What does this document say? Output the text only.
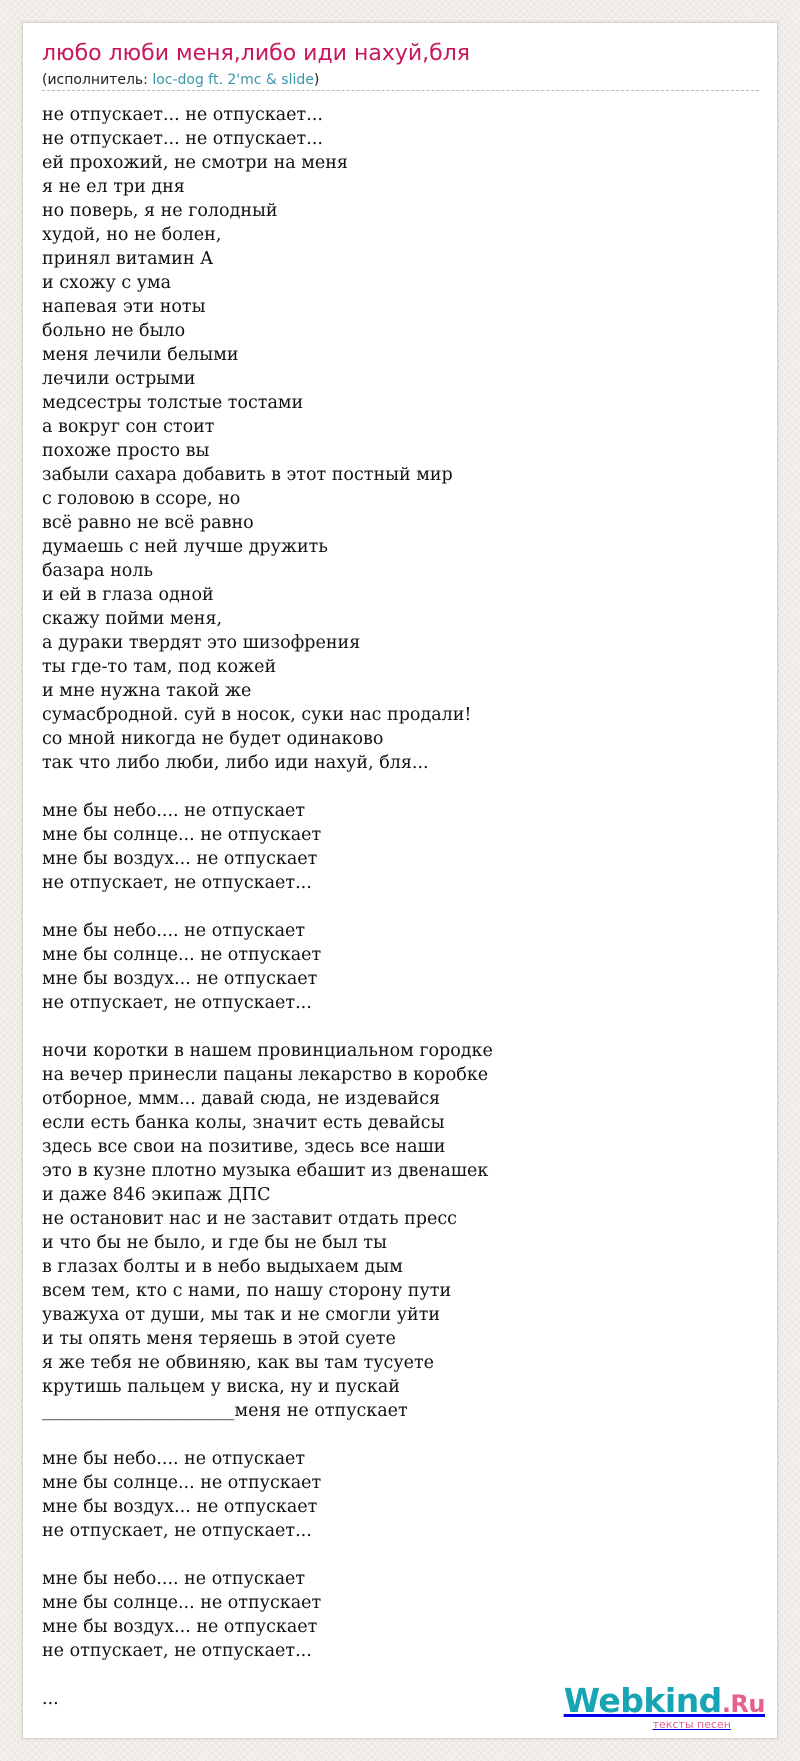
любо люби меня,либо иди нахуй,бля
(исполнитель: loc-dog ft. 2'mc & slide)
не отпускает... не отпускает...
не отпускает... не отпускает...
ей прохожий, не смотри на меня
я не ел три дня
но поверь, я не голодный
худой, но не болен,
принял витамин А
и схожу с ума
напевая эти ноты
больно не было
меня лечили белыми
лечили острыми
медсестры толстые тостами
а вокруг сон стоит
похоже просто вы
забыли сахара добавить в этот постный мир
с головою в ссоре, но
всё равно не всё равно
думаешь с ней лучше дружить
базара ноль
и ей в глаза одной
скажу пойми меня,
а дураки твердят это шизофрения
ты где-то там, под кожей
и мне нужна такой же
сумасбродной. суй в носок, суки нас продали!
со мной никогда не будет одинаково
так что либо люби, либо иди нахуй, бля...

мне бы небо.... не отпускает
мне бы солнце... не отпускает
мне бы воздух... не отпускает
не отпускает, не отпускает...

мне бы небо.... не отпускает
мне бы солнце... не отпускает
мне бы воздух... не отпускает
не отпускает, не отпускает...

ночи коротки в нашем провинциальном городке
на вечер принесли пацаны лекарство в коробке
отборное, ммм... давай сюда, не издевайся
если есть банка колы, значит есть девайсы
здесь все свои на позитиве, здесь все наши
это в кузне плотно музыка ебашит из двенашек
и даже 846 экипаж ДПС
не остановит нас и не заставит отдать пресс
и что бы не было, и где бы не был ты
в глазах болты и в небо выдыхаем дым
всем тем, кто с нами, по нашу сторону пути
уважуха от души, мы так и не смогли уйти
и ты опять меня теряешь в этой суете
я же тебя не обвиняю, как вы там тусуете
крутишь пальцем у виска, ну и пускай
______________________меня не отпускает

мне бы небо.... не отпускает
мне бы солнце... не отпускает
мне бы воздух... не отпускает
не отпускает, не отпускает...

мне бы небо.... не отпускает
мне бы солнце... не отпускает
мне бы воздух... не отпускает
не отпускает, не отпускает...

...	Webkind.Ru
тексты песен
